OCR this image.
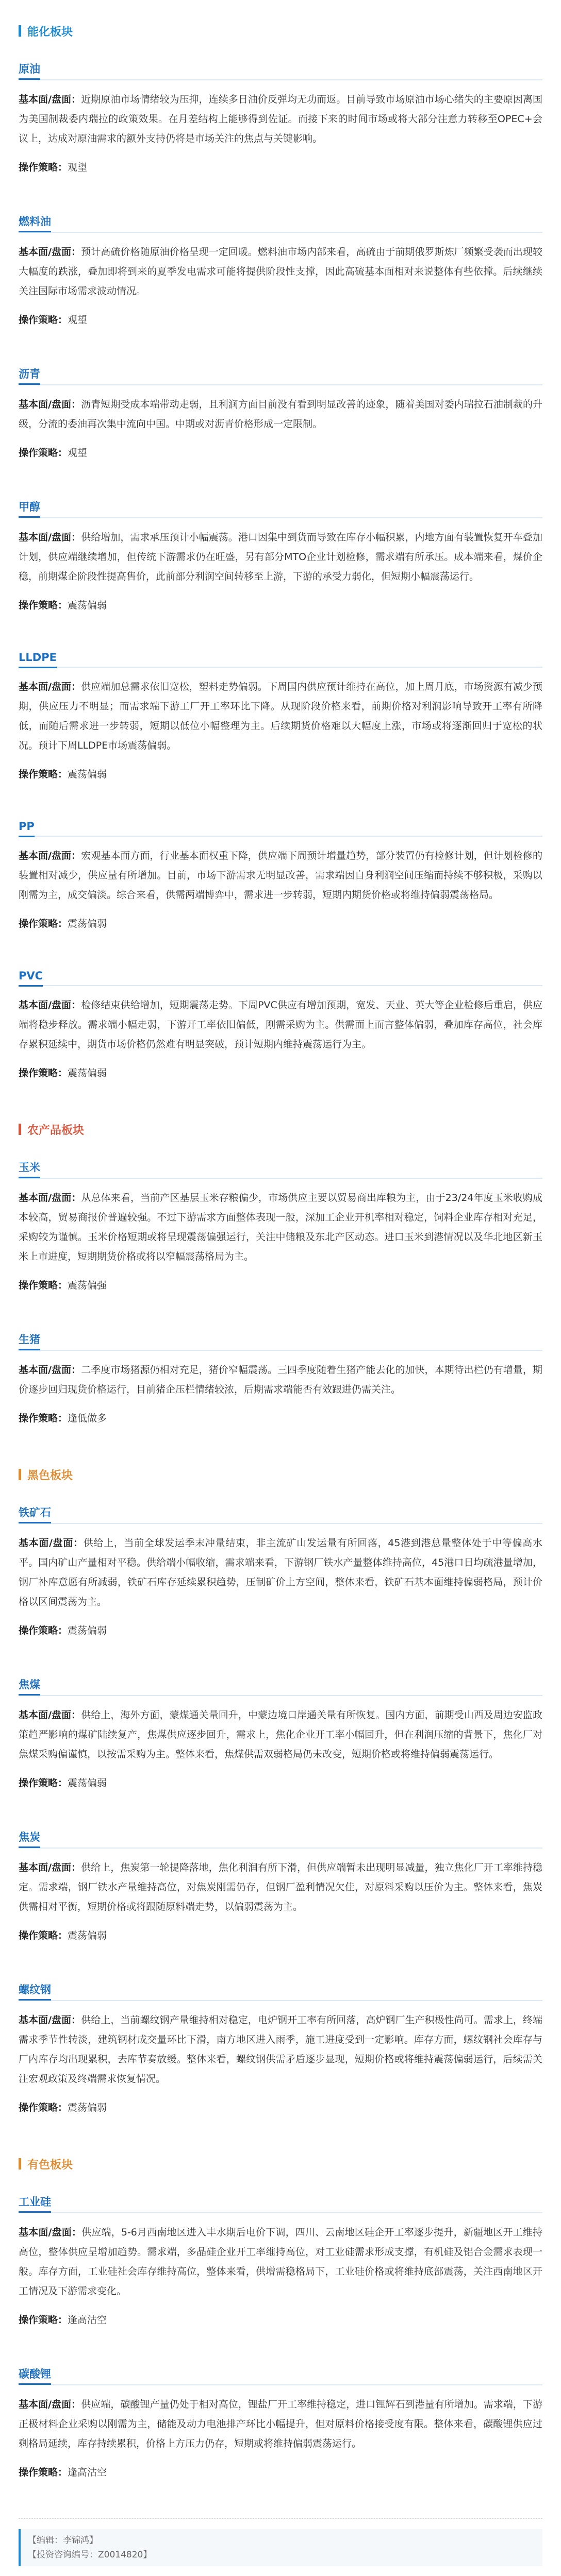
能化板块
原油

基本面/盘面：近期原油市场情绪较为压抑，连续多日油价反弹均无功而返。目前导致市场原油市场心绪失的主要原因离国为美国制裁委内瑞拉的政策效果。在月差结构上能够得到佐证。而接下来的时间市场或将大部分注意力转移至OPEC+会议上，达成对原油需求的额外支持仍将是市场关注的焦点与关键影响。

操作策略：观望

燃料油

基本面/盘面：预计高硫价格随原油价格呈现一定回暖。燃料油市场内部来看，高硫由于前期俄罗斯炼厂频繁受袭而出现较大幅度的跌涨，叠加即将到来的夏季发电需求可能将提供阶段性支撑，因此高硫基本面相对来说整体有些依撑。后续继续关注国际市场需求波动情况。

操作策略：观望

沥青

基本面/盘面：沥青短期受成本端带动走弱，且利润方面目前没有看到明显改善的迹象，随着美国对委内瑞拉石油制裁的升级，分流的委油再次集中流向中国。中期或对沥青价格形成一定限制。

操作策略：观望

甲醇

基本面/盘面：供给增加，需求承压预计小幅震荡。港口因集中到货而导致在库存小幅积累，内地方面有装置恢复开车叠加计划，供应端继续增加，但传统下游需求仍在旺盛，另有部分MTO企业计划检修，需求端有所承压。成本端来看，煤价企稳，前期煤企阶段性提高售价，此前部分利润空间转移至上游，下游的承受力弱化，但短期小幅震荡运行。

操作策略：震荡偏弱

LLDPE

基本面/盘面：供应端加总需求依旧宽松，塑料走势偏弱。下周国内供应预计维持在高位，加上周月底，市场资源有减少预期，供应压力不明显；而需求端下游工厂开工率环比下降。从现阶段价格来看，前期价格对利润影响导致开工率有所降低，而随后需求进一步转弱，短期以低位小幅整理为主。后续期货价格难以大幅度上涨，市场或将逐渐回归于宽松的状况。预计下周LLDPE市场震荡偏弱。

操作策略：震荡偏弱

PP

基本面/盘面：宏观基本面方面，行业基本面权重下降，供应端下周预计增量趋势，部分装置仍有检修计划，但计划检修的装置相对减少，供应量有所增加。目前，市场下游需求无明显改善，需求端因自身利润空间压缩而持续不够积极，采购以刚需为主，成交偏淡。综合来看，供需两端博弈中，需求进一步转弱，短期内期货价格或将维持偏弱震荡格局。

操作策略：震荡偏弱

PVC

基本面/盘面：检修结束供给增加，短期震荡走势。下周PVC供应有增加预期，宽发、天业、英大等企业检修后重启，供应端将稳步释放。需求端小幅走弱，下游开工率依旧偏低，刚需采购为主。供需面上而言整体偏弱，叠加库存高位，社会库存累积延续中，期货市场价格仍然难有明显突破，预计短期内维持震荡运行为主。

操作策略：震荡偏弱

农产品板块
玉米

基本面/盘面：从总体来看，当前产区基层玉米存粮偏少，市场供应主要以贸易商出库粮为主，由于23/24年度玉米收购成本较高，贸易商报价普遍较强。不过下游需求方面整体表现一般，深加工企业开机率相对稳定，饲料企业库存相对充足，采购较为谨慎。玉米价格短期或将呈现震荡偏强运行，关注中储粮及东北产区动态。进口玉米到港情况以及华北地区新玉米上市进度，短期期货价格或将以窄幅震荡格局为主。

操作策略：震荡偏强

生猪

基本面/盘面：二季度市场猪源仍相对充足，猪价窄幅震荡。三四季度随着生猪产能去化的加快，本期待出栏仍有增量，期价逐步回归现货价格运行，目前猪企压栏情绪较浓，后期需求端能否有效跟进仍需关注。

操作策略：逢低做多

黑色板块
铁矿石

基本面/盘面：供给上，当前全球发运季末冲量结束，非主流矿山发运量有所回落，45港到港总量整体处于中等偏高水平。国内矿山产量相对平稳。供给端小幅收缩，需求端来看，下游钢厂铁水产量整体维持高位，45港口日均疏港量增加，钢厂补库意愿有所减弱，铁矿石库存延续累积趋势，压制矿价上方空间，整体来看，铁矿石基本面维持偏弱格局，预计价格以区间震荡为主。

操作策略：震荡偏弱

焦煤

基本面/盘面：供给上，海外方面，蒙煤通关量回升，中蒙边境口岸通关量有所恢复。国内方面，前期受山西及周边安监政策趋严影响的煤矿陆续复产，焦煤供应逐步回升，需求上，焦化企业开工率小幅回升，但在利润压缩的背景下，焦化厂对焦煤采购偏谨慎，以按需采购为主。整体来看，焦煤供需双弱格局仍未改变，短期价格或将维持偏弱震荡运行。

操作策略：震荡偏弱

焦炭

基本面/盘面：供给上，焦炭第一轮提降落地，焦化利润有所下滑，但供应端暂未出现明显减量，独立焦化厂开工率维持稳定。需求端，钢厂铁水产量维持高位，对焦炭刚需仍存，但钢厂盈利情况欠佳，对原料采购以压价为主。整体来看，焦炭供需相对平衡，短期价格或将跟随原料端走势，以偏弱震荡为主。

操作策略：震荡偏弱

螺纹钢

基本面/盘面：供给上，当前螺纹钢产量维持相对稳定，电炉钢开工率有所回落，高炉钢厂生产积极性尚可。需求上，终端需求季节性转淡，建筑钢材成交量环比下滑，南方地区进入雨季，施工进度受到一定影响。库存方面，螺纹钢社会库存与厂内库存均出现累积，去库节奏放缓。整体来看，螺纹钢供需矛盾逐步显现，短期价格或将维持震荡偏弱运行，后续需关注宏观政策及终端需求恢复情况。

操作策略：震荡偏弱

有色板块
工业硅

基本面/盘面：供应端，5-6月西南地区进入丰水期后电价下调，四川、云南地区硅企开工率逐步提升，新疆地区开工维持高位，整体供应呈增加趋势。需求端，多晶硅企业开工率维持高位，对工业硅需求形成支撑，有机硅及铝合金需求表现一般。库存方面，工业硅社会库存维持高位，整体来看，供增需稳格局下，工业硅价格或将维持底部震荡，关注西南地区开工情况及下游需求变化。

操作策略：逢高沽空

碳酸锂

基本面/盘面：供应端，碳酸锂产量仍处于相对高位，锂盐厂开工率维持稳定，进口锂辉石到港量有所增加。需求端，下游正极材料企业采购以刚需为主，储能及动力电池排产环比小幅提升，但对原料价格接受度有限。整体来看，碳酸锂供应过剩格局延续，库存持续累积，价格上方压力仍存，短期或将维持偏弱震荡运行。

操作策略：逢高沽空

【编辑：李锦鸿】
【投资咨询编号：Z0014820】
